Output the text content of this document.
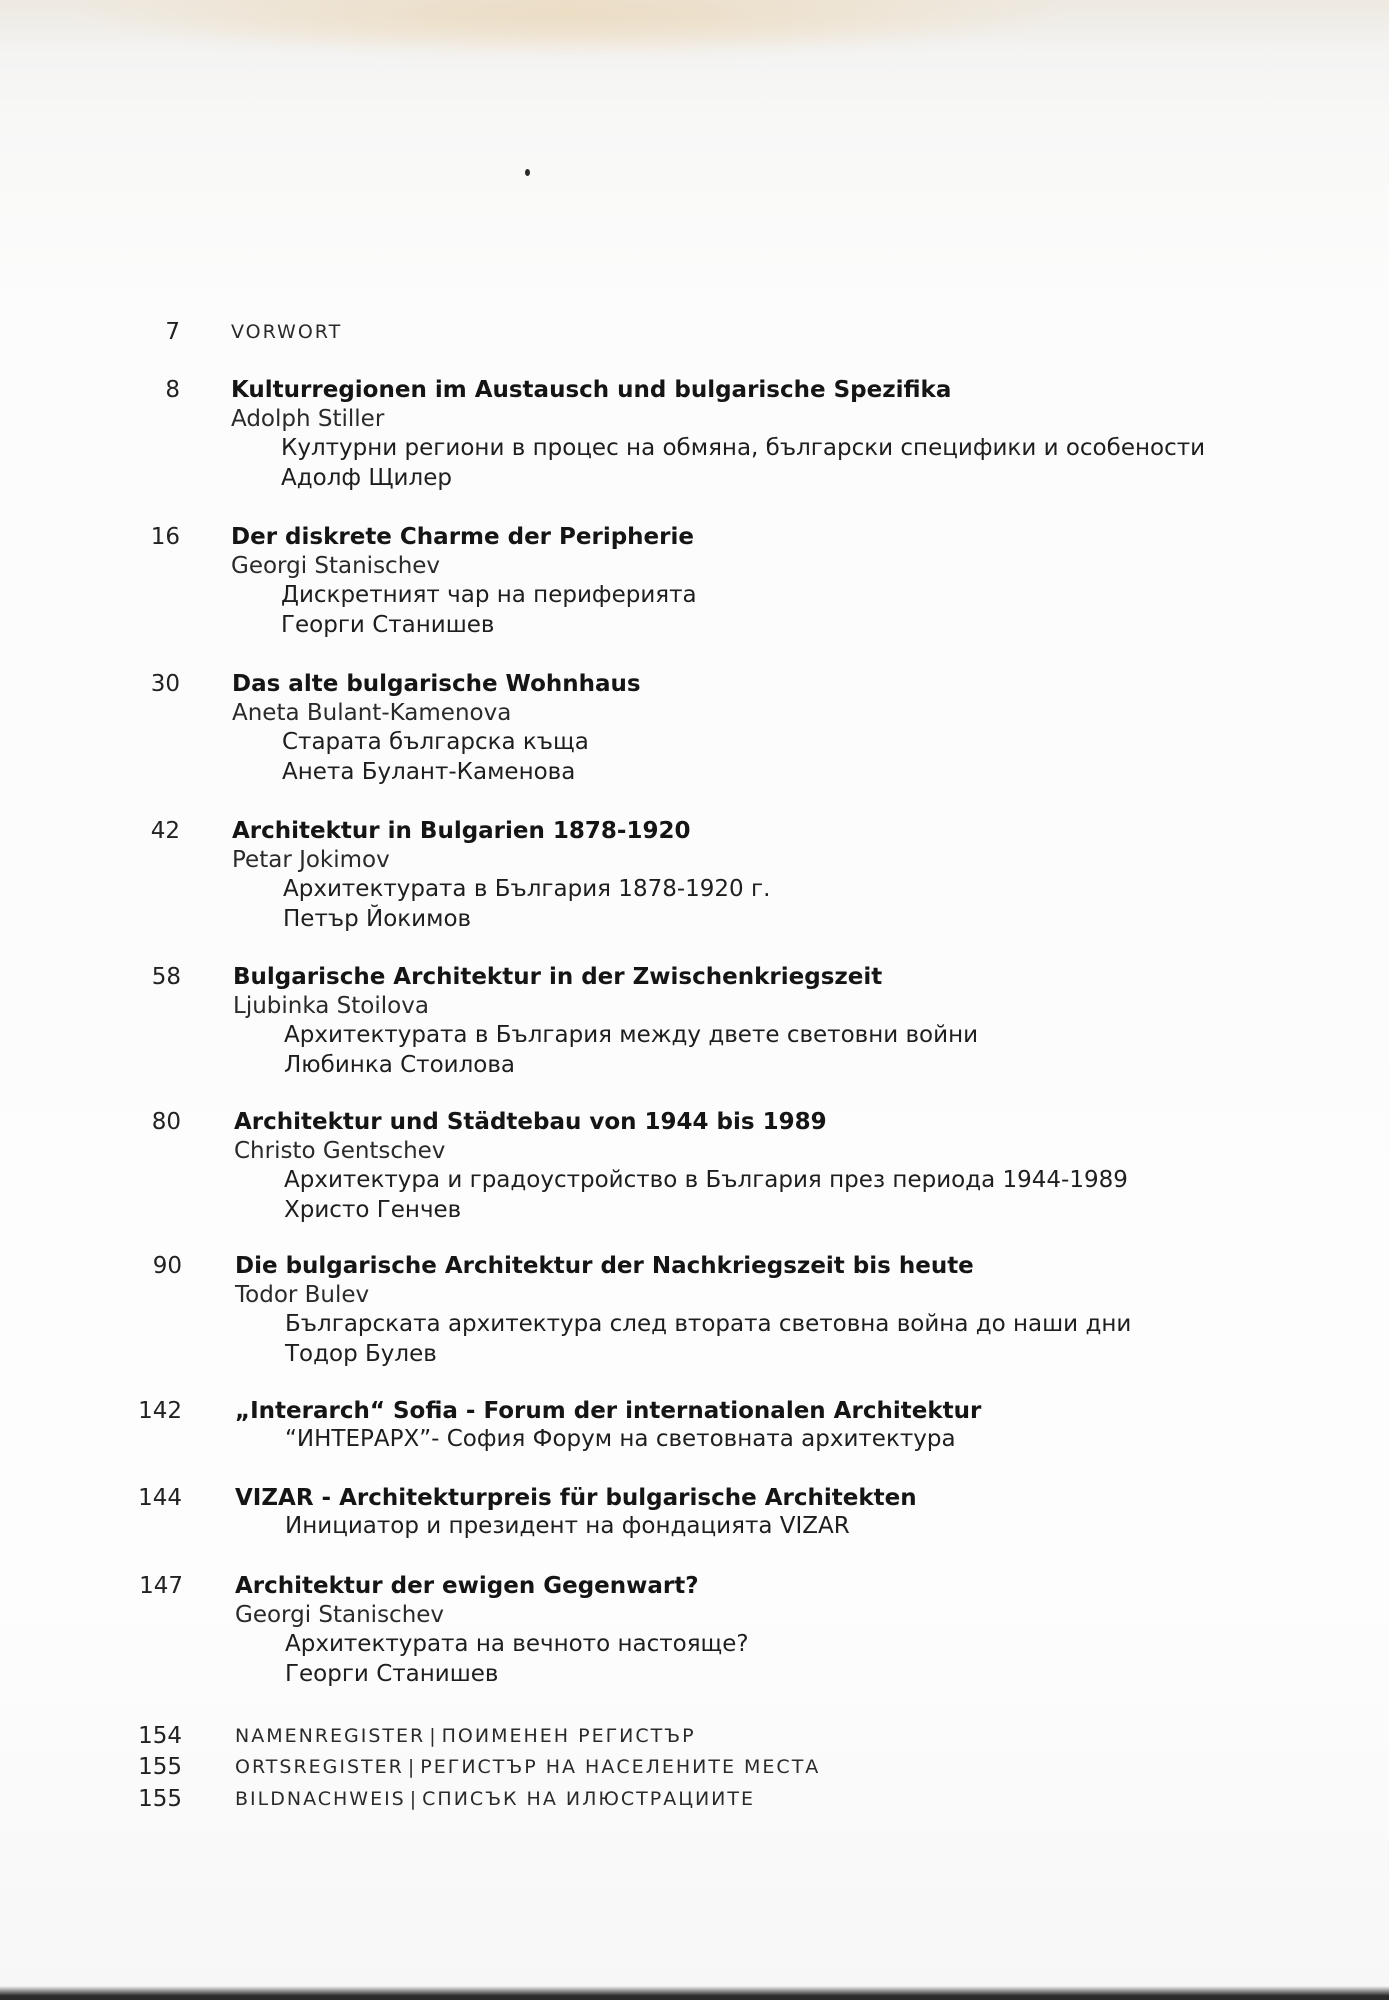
7	VORWORT
8 Kulturregionen im Austausch und bulgarische Spezifika
Adolph Stiller
Културни региони в процес на обмяна, български специфики и особености
Адолф Щилер
16 Der diskrete Charme der Peripherie
Georgi Stanischev
Дискретният чар на периферията
Георги Станишев
30 Das alte bulgarische Wohnhaus
Aneta Bulant-Kamenova
Старата българска къща
Анета Булант-Каменова
42 Architektur in Bulgarien 1878-1920
Petar Jokimov
Архитектурата в България 1878-1920 г.
Петър Йокимов
58 Bulgarische Architektur in der Zwischenkriegszeit
Ljubinka Stoilova
Архитектурата в България между двете световни войни
Любинка Стоилова
80 Architektur und Städtebau von 1944 bis 1989
Christo Gentschev
Архитектура и градоустройство в България през периода 1944-1989
Христо Генчев
90 Die bulgarische Architektur der Nachkriegszeit bis heute
Todor Bulev
Българската архитектура след втората световна война до наши дни
Тодор Булев
142 „Interarch“ Sofia - Forum der internationalen Architektur
“ИНТЕРАРХ”- София Форум на световната архитектура
144 VIZAR - Architekturpreis für bulgarische Architekten
Инициатор и президент на фондацията VIZAR
147 Architektur der ewigen Gegenwart?
Georgi Stanischev
Архитектурата на вечното настояще?
Георги Станишев
154	NAMENREGISTER | ПОИМЕНЕН РЕГИСТЪР
155	ORTSREGISTER | РЕГИСТЪР НА НАСЕЛЕНИТЕ МЕСТА
155	BILDNACHWEIS | СПИСЪК НА ИЛЮСТРАЦИИТЕ
